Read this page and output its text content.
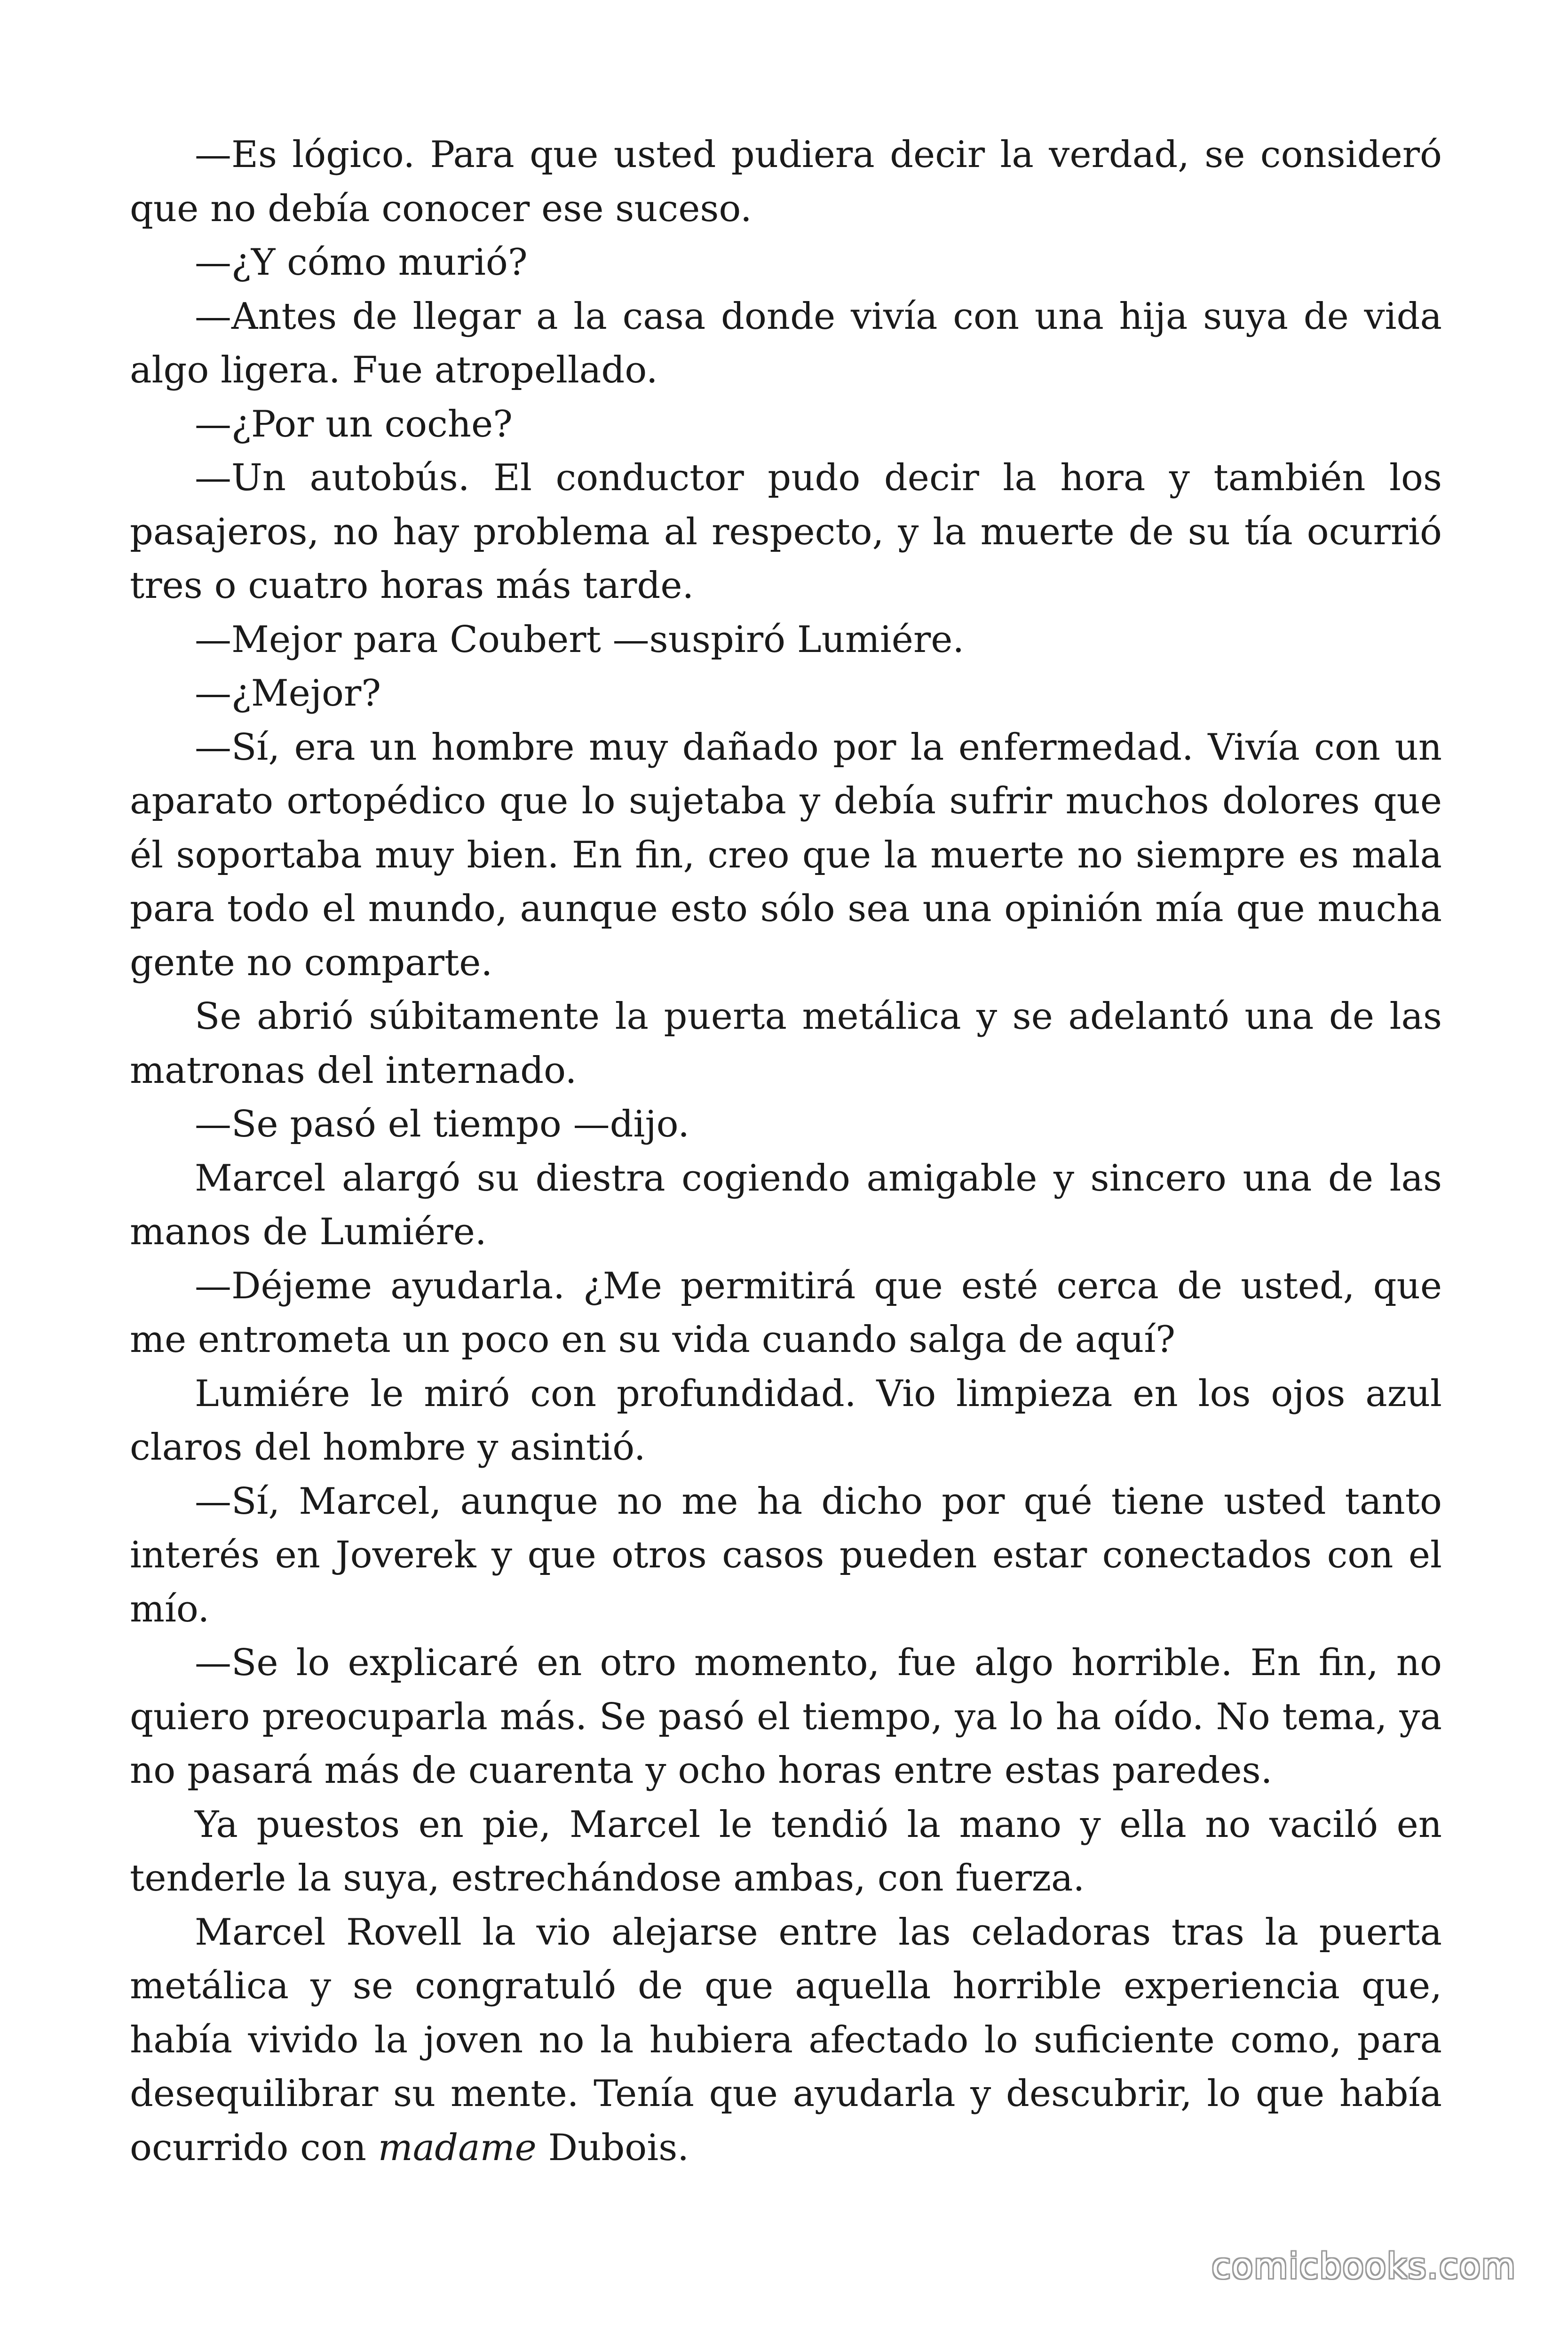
—Es lógico. Para que usted pudiera decir la verdad, se consideró que no debía conocer ese suceso.

—¿Y cómo murió?

—Antes de llegar a la casa donde vivía con una hija suya de vida algo ligera. Fue atropellado.

—¿Por un coche?

—Un autobús. El conductor pudo decir la hora y también los pasajeros, no hay problema al respecto, y la muerte de su tía ocurrió tres o cuatro horas más tarde.

—Mejor para Coubert —suspiró Lumiére.

—¿Mejor?

—Sí, era un hombre muy dañado por la enfermedad. Vivía con un aparato ortopédico que lo sujetaba y debía sufrir muchos dolores que él soportaba muy bien. En fin, creo que la muerte no siempre es mala para todo el mundo, aunque esto sólo sea una opinión mía que mucha gente no comparte.

Se abrió súbitamente la puerta metálica y se adelantó una de las matronas del internado.

—Se pasó el tiempo —dijo.

Marcel alargó su diestra cogiendo amigable y sincero una de las manos de Lumiére.

—Déjeme ayudarla. ¿Me permitirá que esté cerca de usted, que me entrometa un poco en su vida cuando salga de aquí?

Lumiére le miró con profundidad. Vio limpieza en los ojos azul claros del hombre y asintió.

—Sí, Marcel, aunque no me ha dicho por qué tiene usted tanto interés en Joverek y que otros casos pueden estar conectados con el mío.

—Se lo explicaré en otro momento, fue algo horrible. En fin, no quiero preocuparla más. Se pasó el tiempo, ya lo ha oído. No tema, ya no pasará más de cuarenta y ocho horas entre estas paredes.

Ya puestos en pie, Marcel le tendió la mano y ella no vaciló en tenderle la suya, estrechándose ambas, con fuerza.

Marcel Rovell la vio alejarse entre las celadoras tras la puerta metálica y se congratuló de que aquella horrible experiencia que, había vivido la joven no la hubiera afectado lo suficiente como, para desequilibrar su mente. Tenía que ayudarla y descubrir, lo que había ocurrido con madame Dubois.

comicbooks.com
